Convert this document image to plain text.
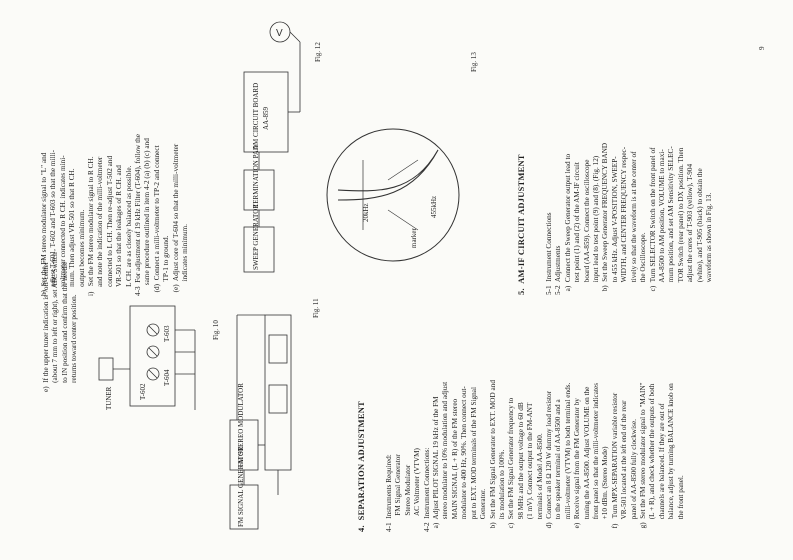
e)  If the upper tuner indication is "off-center" (about 7 mm to left or right), set AFC Switch to IN position and confirm that the needle returns toward center position.

TUNER	T-602
T-603
T-604
Fig. 10
FM SIGNAL GENERATOR
FM STEREO MODULATOR
Fig. 11

4.  SEPARATION ADJUSTMENT

	4-1  Instruments Required: FM Signal Generator Stereo Modulator AC Voltmeter (VTVM) 4-2  Instrument Connections: a)  Adjust PILOT SIGNAL 19 kHz of the FM stereo modulator to 10% modulation and adjust MAIN SIGNAL (L + R) of the FM stereo modulator to 400 Hz, 90%. Then connect out- put to EXT. MOD terminals of the FM Signal Generator. b)  Set the FM Signal Generator to EXT. MOD and its modulation to 100%. c)  Set the FM Signal Generator frequency to 98 MHz and the output voltage to 60 dB (1 mV). Connect output to the FM-ANT terminals of Model AA-8500. d)  Connect an 8 Ω 120 W dummy load resistor to the speaker terminal of AA-8500 and a milli-voltmeter (VTVM) to both terminal ends. e)  Receive signal from the FM Generator by tuning the AA-8500. Adjust VOLUME on the front panel so that the milli-voltmeter indicates +10 dBm. (Stereo Mode) f)   Turn MPX-SEPARATION variable resistor VR-501 located at the left end of the rear panel of AA-8500 fully clockwise. g)  Set the FM stereo modulator signal to "MAIN" (L + R), and check whether the outputs of both channels are balanced. If they are out of balance, adjust by turning BALANCE knob on the front panel.

h)  Set the FM stereo modulator signal to "L" and adjust T-601, T-602 and T-603 so that the milli- voltmeter connected to R CH. indicates mini- mum. Then adjust VR-501 so that R CH. output becomes minimum. i)   Set the FM stereo modulator signal to R CH. and note the indication of the milli-voltmeter connected to L CH. Then re-adjust T-502 and VR-501 so that the leakages of R CH. and L CH. are as closely balanced as possible. 4-3  For adjustment of 19 kHz Filter (T-604), follow the same procedure outlined in item 4-2 (a) (b) (c) and (d)  Connect a milli-voltmeter to TP-2 and connect TP-1 to ground. (e)  Adjust core of T-604 so that the milli-voltmeter indicates minimum.

V
SWEEP GENERATOR
TERMINATION PAD
AM CIRCUIT BOARD AA-859
Fig. 12
20kHz	455kHz
marker
Fig. 13

5.  AM-IF CIRCUIT ADJUSTMENT

	5-1  Instrument Connections 5-2  Adjustments a)  Connect the Sweep Generator output lead to test point (1) and (2) of the AM-IF circuit board (AA-859). Connect the oscilloscope input lead to test point (9) and (8). (Fig. 12) b)  Set the Sweep Generator FREQUENCY BAND to 455 kHz. Adjust V-POSITION, SWEEP- WIDTH, and CENTER FREQUENCY respec- tively so that the waveform is at the center of the Oscilloscope. c)  Turn SELECTOR Switch on the front panel of AA-8500 to AM position, VOLUME to maxi- mum position, and set AM Sensitivity SELEC- TOR Switch (rear panel) to DX position. Then adjust the cores of T-903 (yellow), T-904 (white), and T-905 (black) to obtain the waveform as shown in Fig. 13.

9
